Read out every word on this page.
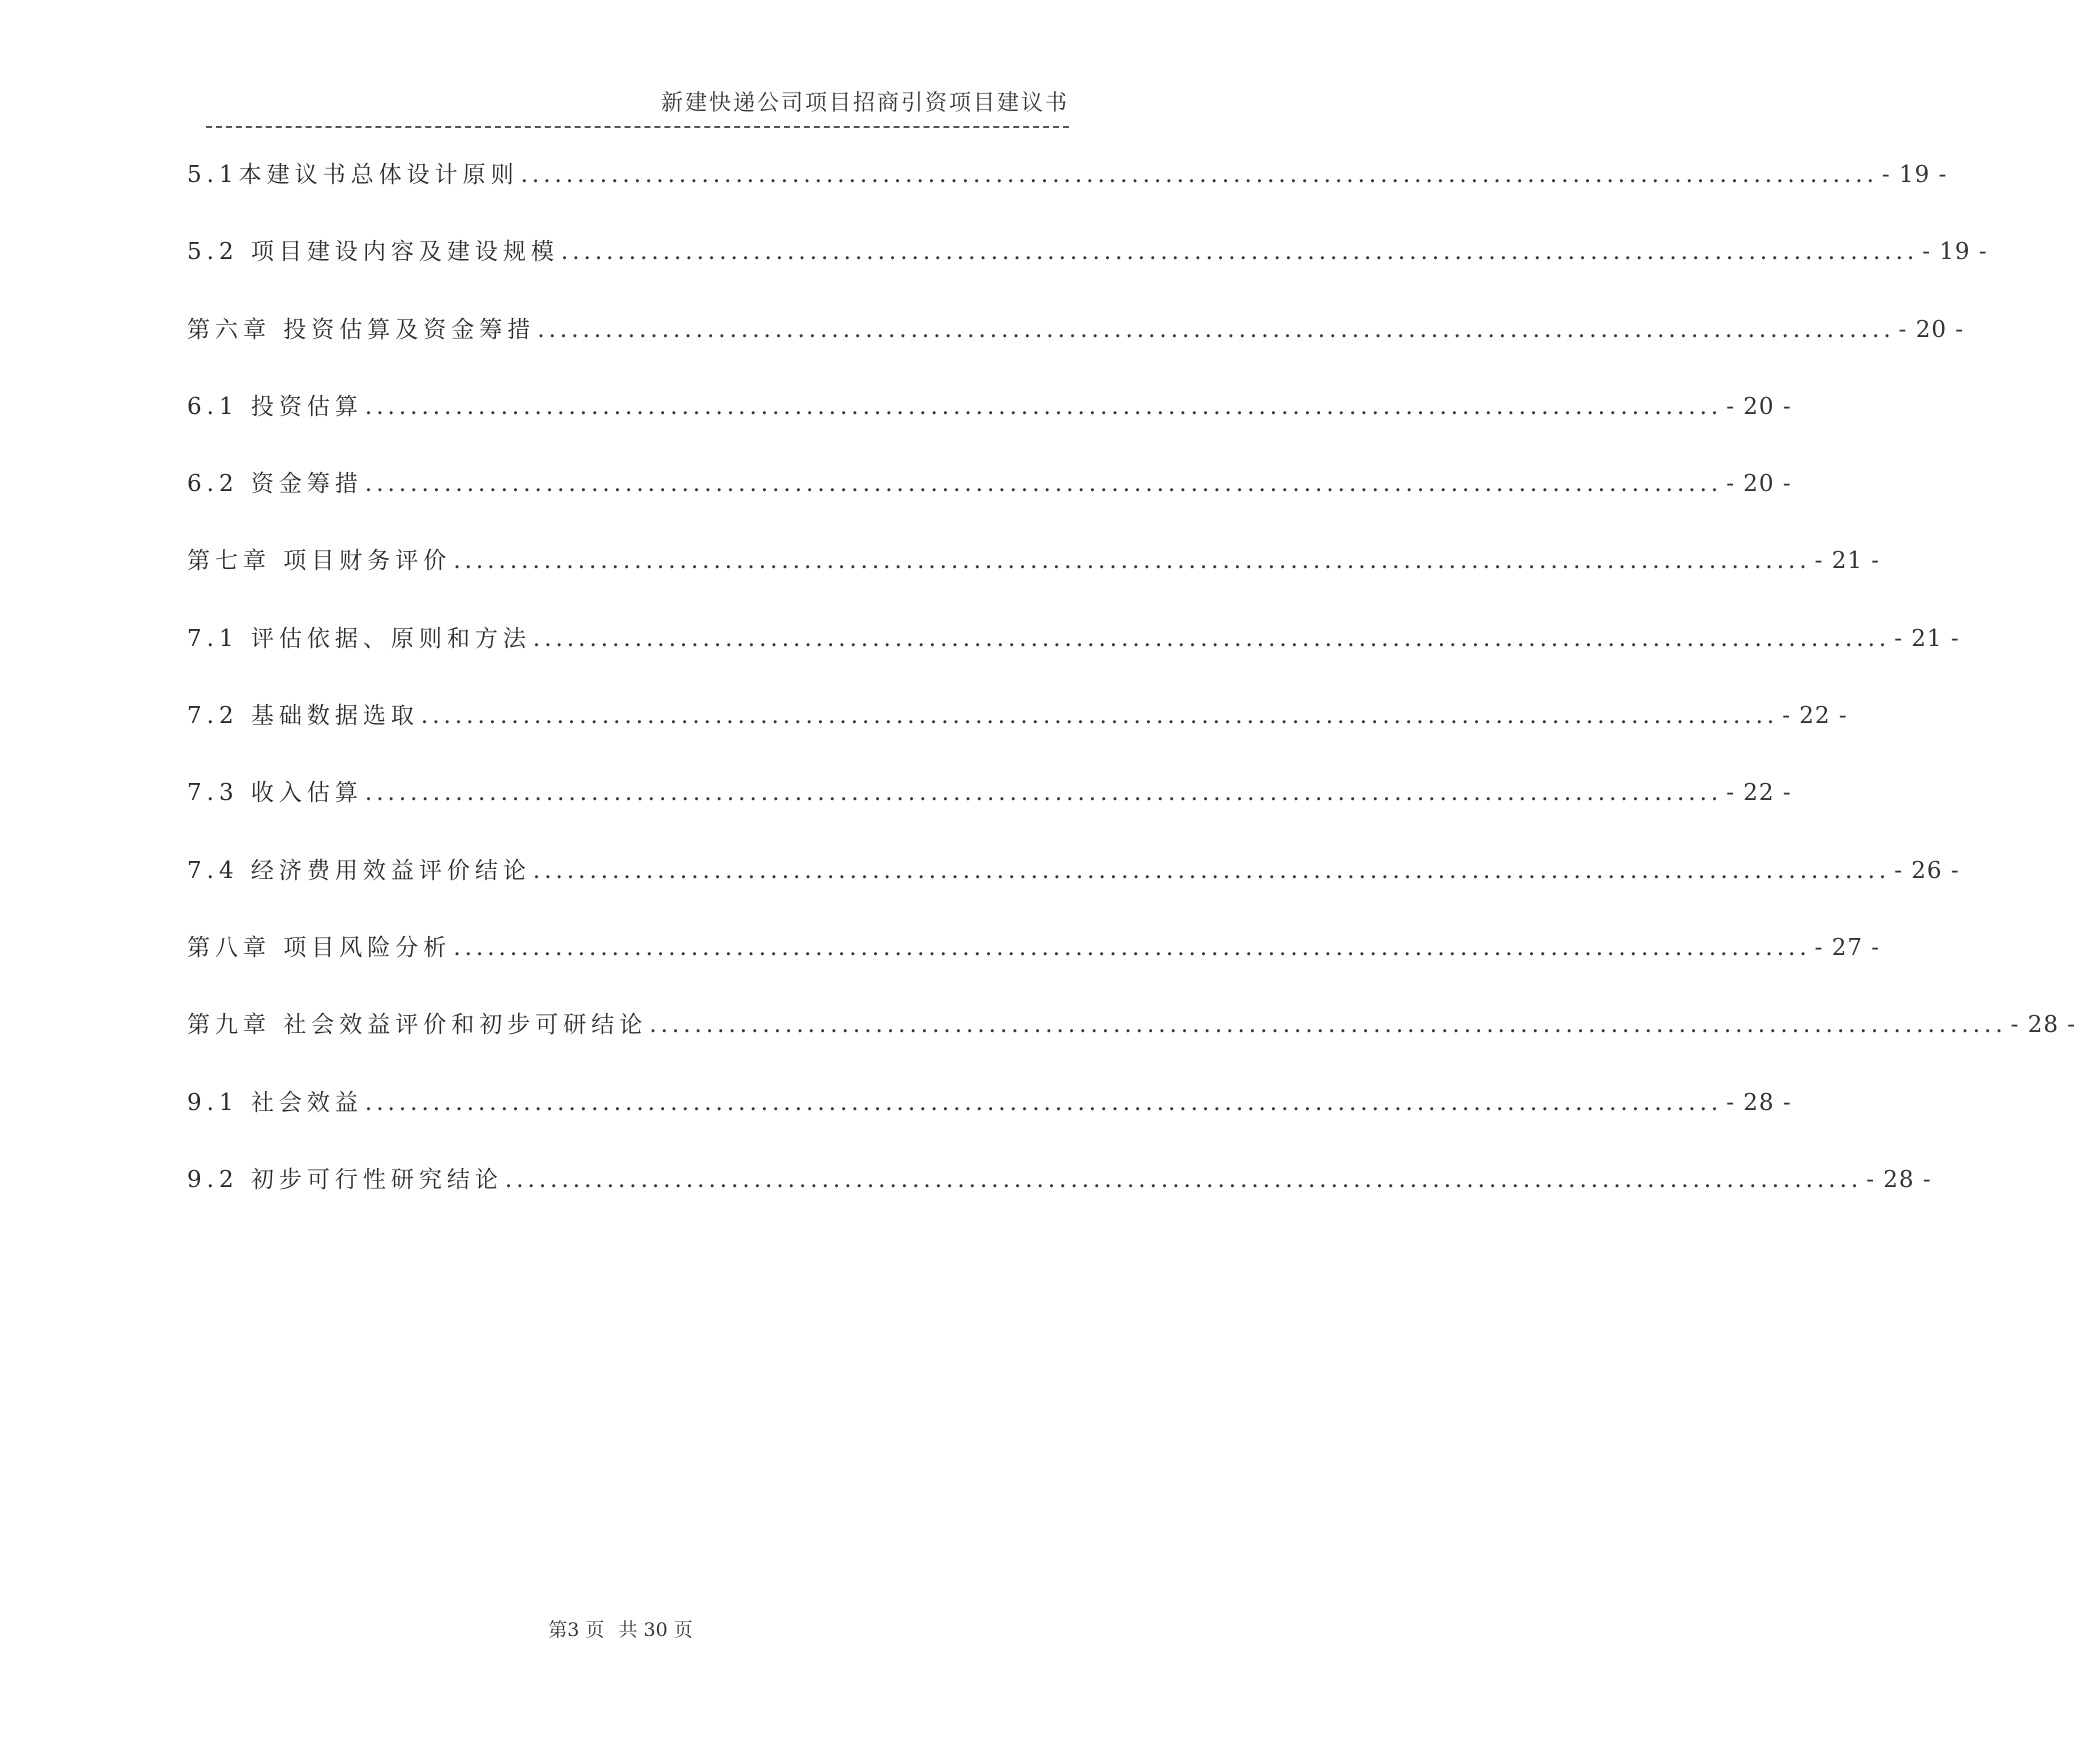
新建快递公司项目招商引资项目建议书
5.1本建议书总体设计原则 ........................................................................................................................ - 19 -
5.2 项目建设内容及建设规模 ........................................................................................................................ - 19 -
第六章 投资估算及资金筹措 ........................................................................................................................ - 20 -
6.1 投资估算 ........................................................................................................................ - 20 -
6.2 资金筹措 ........................................................................................................................ - 20 -
第七章 项目财务评价 ........................................................................................................................ - 21 -
7.1 评估依据、原则和方法 ........................................................................................................................ - 21 -
7.2 基础数据选取 ........................................................................................................................ - 22 -
7.3 收入估算 ........................................................................................................................ - 22 -
7.4 经济费用效益评价结论 ........................................................................................................................ - 26 -
第八章 项目风险分析 ........................................................................................................................ - 27 -
第九章 社会效益评价和初步可研结论 ........................................................................................................................ - 28 -
9.1 社会效益 ........................................................................................................................ - 28 -
9.2 初步可行性研究结论 ........................................................................................................................ - 28 -
第3 页 共 30 页
